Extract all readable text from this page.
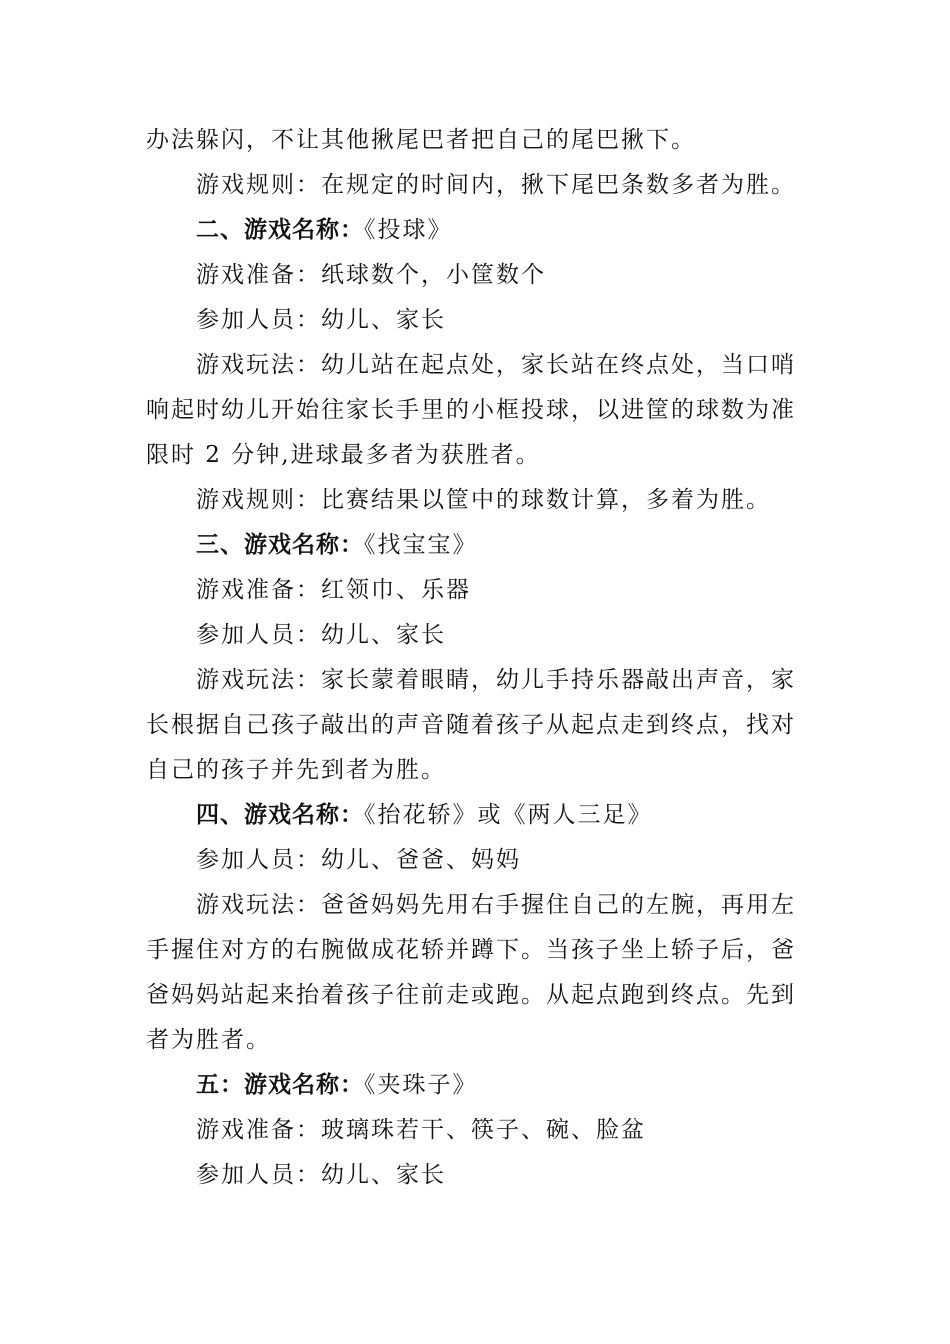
办法躲闪，不让其他揪尾巴者把自己的尾巴揪下。
游戏规则：在规定的时间内，揪下尾巴条数多者为胜。
二、游戏名称：《投球》
游戏准备：纸球数个，小筐数个
参加人员：幼儿、家长
游戏玩法：幼儿站在起点处，家长站在终点处，当口哨
响起时幼儿开始往家长手里的小框投球，以进筐的球数为准
限时 2 分钟,进球最多者为获胜者。
游戏规则：比赛结果以筐中的球数计算，多着为胜。
三、游戏名称：《找宝宝》
游戏准备：红领巾、乐器
参加人员：幼儿、家长
游戏玩法：家长蒙着眼睛，幼儿手持乐器敲出声音，家
长根据自己孩子敲出的声音随着孩子从起点走到终点，找对
自己的孩子并先到者为胜。
四、游戏名称：《抬花轿》或《两人三足》
参加人员：幼儿、爸爸、妈妈
游戏玩法：爸爸妈妈先用右手握住自己的左腕，再用左
手握住对方的右腕做成花轿并蹲下。当孩子坐上轿子后，爸
爸妈妈站起来抬着孩子往前走或跑。从起点跑到终点。先到
者为胜者。
五：游戏名称：《夹珠子》
游戏准备：玻璃珠若干、筷子、碗、脸盆
参加人员：幼儿、家长
